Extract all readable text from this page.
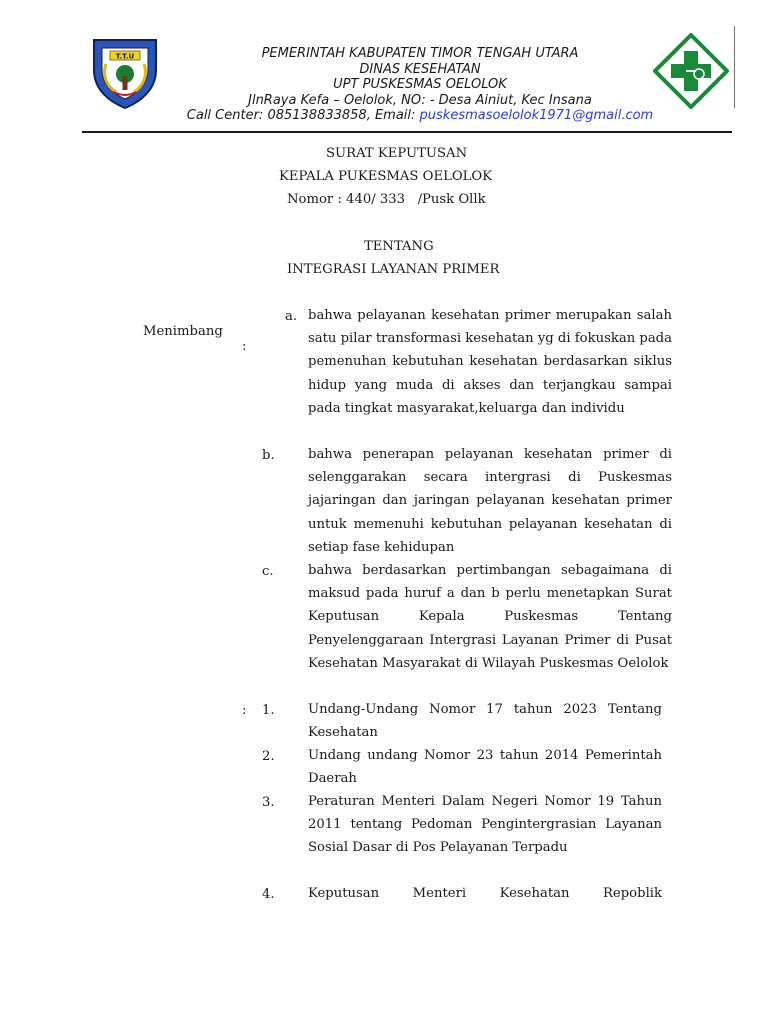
T.T.U	PEMERINTAH KABUPATEN TIMOR TENGAH UTARA
DINAS KESEHATAN
UPT PUSKESMAS OELOLOK
JlnRaya Kefa – Oelolok, NO: - Desa Ainiut, Kec Insana
Call Center: 085138833858, Email: puskesmasoelolok1971@gmail.com
SURAT KEPUTUSAN
KEPALA PUKESMAS OELOLOK
Nomor : 440/ 333   /Pusk Ollk
TENTANG
INTEGRASI LAYANAN PRIMER

Menimbang

:

a. bahwa pelayanan kesehatan primer merupakan salah satu pilar transformasi kesehatan yg di fokuskan pada pemenuhan kebutuhan kesehatan berdasarkan siklus hidup yang muda di akses dan terjangkau sampai pada tingkat masyarakat,keluarga dan individu
b.	bahwa penerapan pelayanan kesehatan primer di selenggarakan secara intergrasi di Puskesmas jajaringan dan jaringan pelayanan kesehatan primer untuk memenuhi kebutuhan pelayanan kesehatan di setiap fase kehidupan
c.	bahwa berdasarkan pertimbangan sebagaimana di maksud pada huruf a dan b perlu menetapkan Surat Keputusan Kepala Puskesmas Tentang Penyelenggaraan Intergrasi Layanan Primer di Pusat Kesehatan Masyarakat di Wilayah Puskesmas Oelolok
: 1.	Undang-Undang Nomor 17 tahun 2023 Tentang Kesehatan
2.	Undang undang Nomor 23 tahun 2014 Pemerintah Daerah
3.	Peraturan Menteri Dalam Negeri Nomor 19 Tahun 2011 tentang Pedoman Pengintergrasian Layanan Sosial Dasar di Pos Pelayanan Terpadu
4.	Keputusan Menteri Kesehatan Repoblik
